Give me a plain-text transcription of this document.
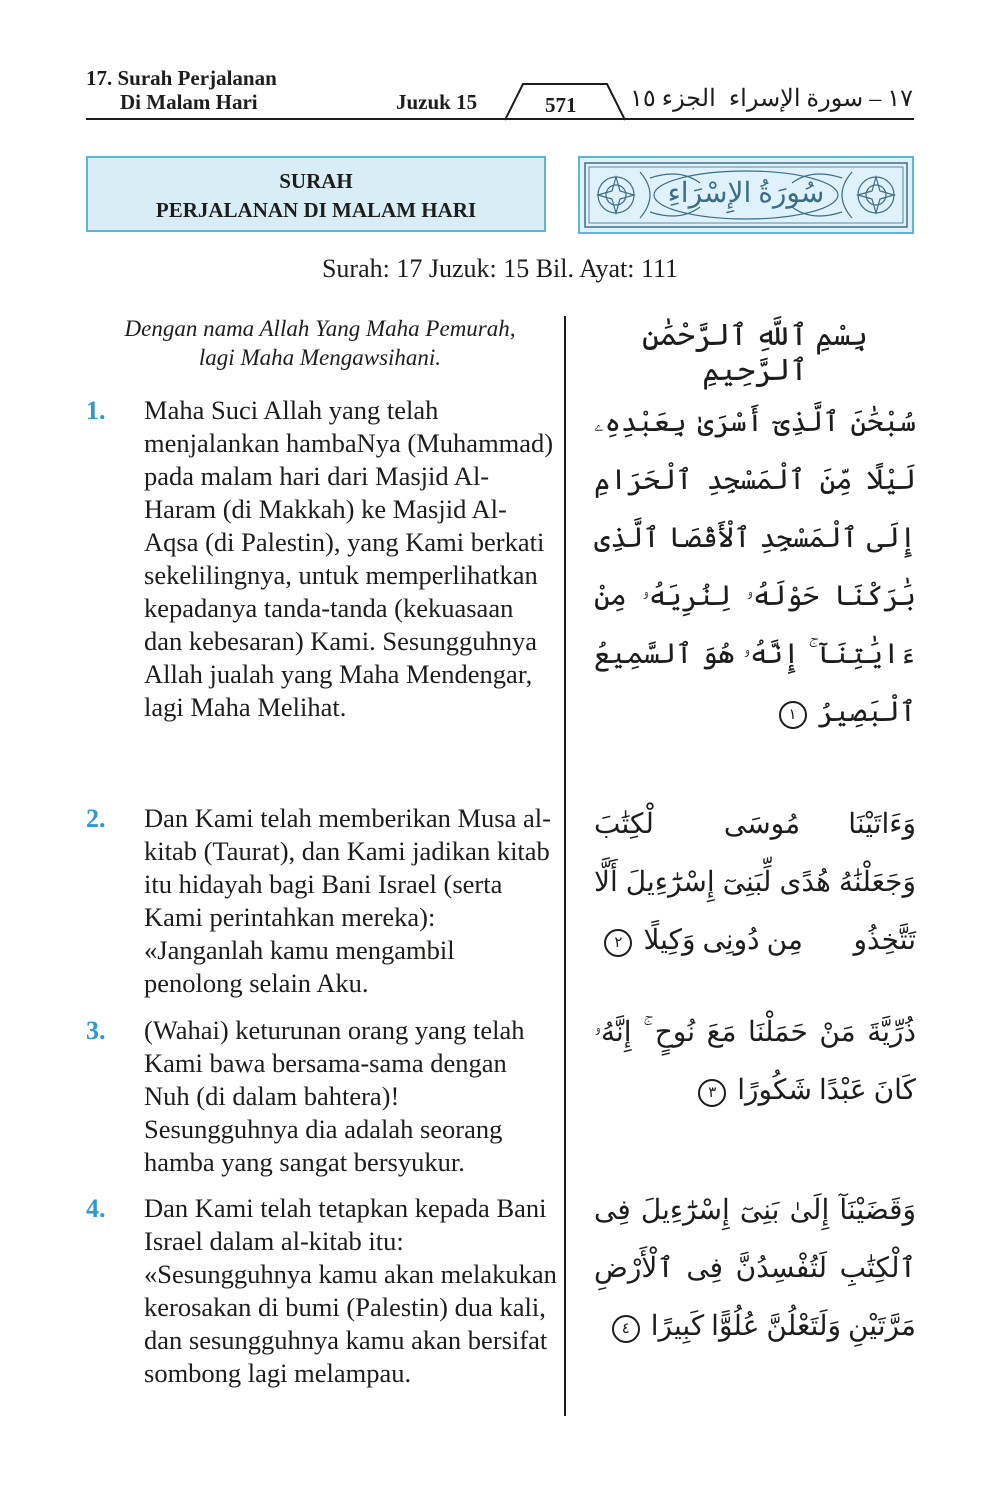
17. Surah Perjalanan
Di Malam Hari	Juzuk 15	571 الجزء ١٥ ١٧ – سورة الإسراء
SURAH
PERJALANAN DI MALAM HARI
سُورَةُ الإِسْرَاءِ
Surah: 17 Juzuk: 15 Bil. Ayat: 111
Dengan nama Allah Yang Maha Pemurah,
lagi Maha Mengawsihani.
بِسْمِ ٱللَّهِ ٱلرَّحْمَٰنِ ٱلرَّحِيمِ
1.	Maha Suci Allah yang telah menjalankan hambaNya (Muhammad) pada malam hari dari Masjid Al-Haram (di Makkah) ke Masjid Al-Aqsa (di Palestin), yang Kami berkati sekelilingnya, untuk memperlihatkan kepadanya tanda-tanda (kekuasaan dan kebesaran) Kami. Sesungguhnya Allah jualah yang Maha Mendengar, lagi Maha Melihat.
سُبْحَٰنَ ٱلَّذِىٓ أَسْرَىٰ بِعَبْدِهِۦ لَيْلًا مِّنَ ٱلْمَسْجِدِ ٱلْحَرَامِ إِلَى ٱلْمَسْجِدِ ٱلْأَقْصَا ٱلَّذِى بَٰرَكْنَا حَوْلَهُۥ لِنُرِيَهُۥ مِنْ ءَايَٰتِنَآ ۚ إِنَّهُۥ هُوَ ٱلسَّمِيعُ ٱلْبَصِيرُ ١
2.	Dan Kami telah memberikan Musa al-kitab (Taurat), dan Kami jadikan kitab itu hidayah bagi Bani Israel (serta Kami perintahkan mereka): «Janganlah kamu mengambil penolong selain Aku.
وَءَاتَيْنَا مُوسَى ٱلْكِتَٰبَ وَجَعَلْنَٰهُ هُدًى لِّبَنِىٓ إِسْرَٰٓءِيلَ أَلَّا تَتَّخِذُوا۟ مِن دُونِى وَكِيلًا ٢
3.	(Wahai) keturunan orang yang telah Kami bawa bersama-sama dengan Nuh (di dalam bahtera)! Sesungguhnya dia adalah seorang hamba yang sangat bersyukur.
ذُرِّيَّةَ مَنْ حَمَلْنَا مَعَ نُوحٍ ۚ إِنَّهُۥ كَانَ عَبْدًا شَكُورًا ٣
4.	Dan Kami telah tetapkan kepada Bani Israel dalam al-kitab itu: «Sesungguhnya kamu akan melakukan kerosakan di bumi (Palestin) dua kali, dan sesungguhnya kamu akan bersifat sombong lagi melampau.
وَقَضَيْنَآ إِلَىٰ بَنِىٓ إِسْرَٰٓءِيلَ فِى ٱلْكِتَٰبِ لَتُفْسِدُنَّ فِى ٱلْأَرْضِ مَرَّتَيْنِ وَلَتَعْلُنَّ عُلُوًّا كَبِيرًا ٤
